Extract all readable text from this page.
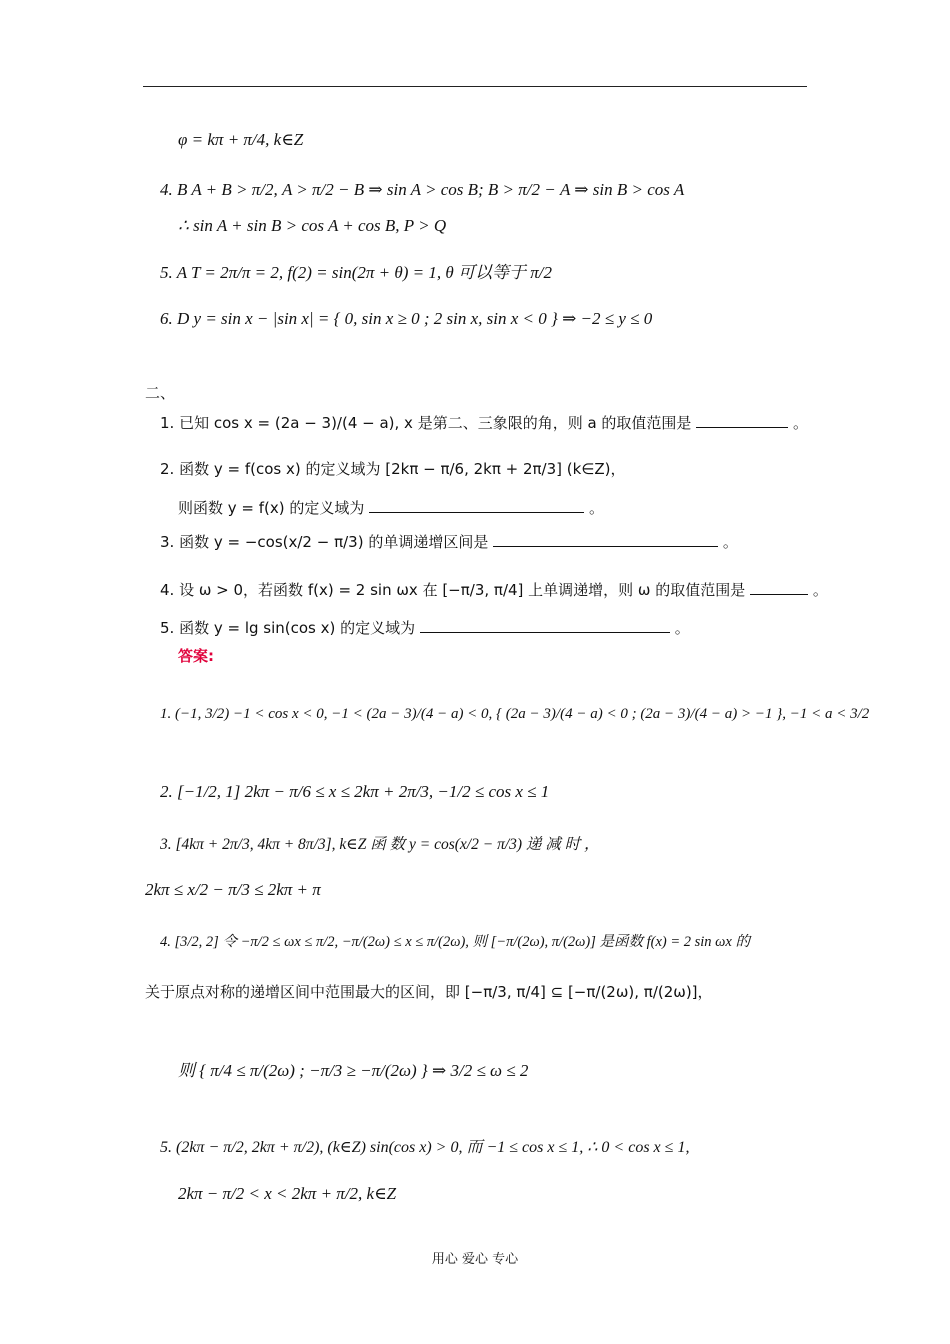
φ = kπ + π/4, k∈Z
4. B A + B > π/2, A > π/2 − B ⇒ sin A > cos B; B > π/2 − A ⇒ sin B > cos A
∴ sin A + sin B > cos A + cos B, P > Q
5. A T = 2π/π = 2, f(2) = sin(2π + θ) = 1, θ 可以等于 π/2
6. D y = sin x − |sin x| = { 0, sin x ≥ 0 ; 2 sin x, sin x < 0 } ⇒ −2 ≤ y ≤ 0
二、
1. 已知 cos x = (2a − 3)/(4 − a), x 是第二、三象限的角，则 a 的取值范围是	。
2. 函数 y = f(cos x) 的定义域为 [2kπ − π/6, 2kπ + 2π/3] (k∈Z)，
则函数 y = f(x) 的定义域为	。
3. 函数 y = −cos(x/2 − π/3) 的单调递增区间是	。
4. 设 ω > 0，若函数 f(x) = 2 sin ωx 在 [−π/3, π/4] 上单调递增，则 ω 的取值范围是	。
5. 函数 y = lg sin(cos x) 的定义域为	。
答案:
1. (−1, 3/2) −1 < cos x < 0, −1 < (2a − 3)/(4 − a) < 0, { (2a − 3)/(4 − a) < 0 ; (2a − 3)/(4 − a) > −1 }, −1 < a < 3/2
2. [−1/2, 1] 2kπ − π/6 ≤ x ≤ 2kπ + 2π/3, −1/2 ≤ cos x ≤ 1
3. [4kπ + 2π/3, 4kπ + 8π/3], k∈Z 函 数 y = cos(x/2 − π/3) 递 减 时 ，
2kπ ≤ x/2 − π/3 ≤ 2kπ + π
4. [3/2, 2] 令 −π/2 ≤ ωx ≤ π/2, −π/(2ω) ≤ x ≤ π/(2ω), 则 [−π/(2ω), π/(2ω)] 是函数 f(x) = 2 sin ωx 的
关于原点对称的递增区间中范围最大的区间，即 [−π/3, π/4] ⊆ [−π/(2ω), π/(2ω)]，
则 { π/4 ≤ π/(2ω) ; −π/3 ≥ −π/(2ω) } ⇒ 3/2 ≤ ω ≤ 2
5. (2kπ − π/2, 2kπ + π/2), (k∈Z) sin(cos x) > 0, 而 −1 ≤ cos x ≤ 1, ∴ 0 < cos x ≤ 1,
2kπ − π/2 < x < 2kπ + π/2, k∈Z
用心 爱心 专心
